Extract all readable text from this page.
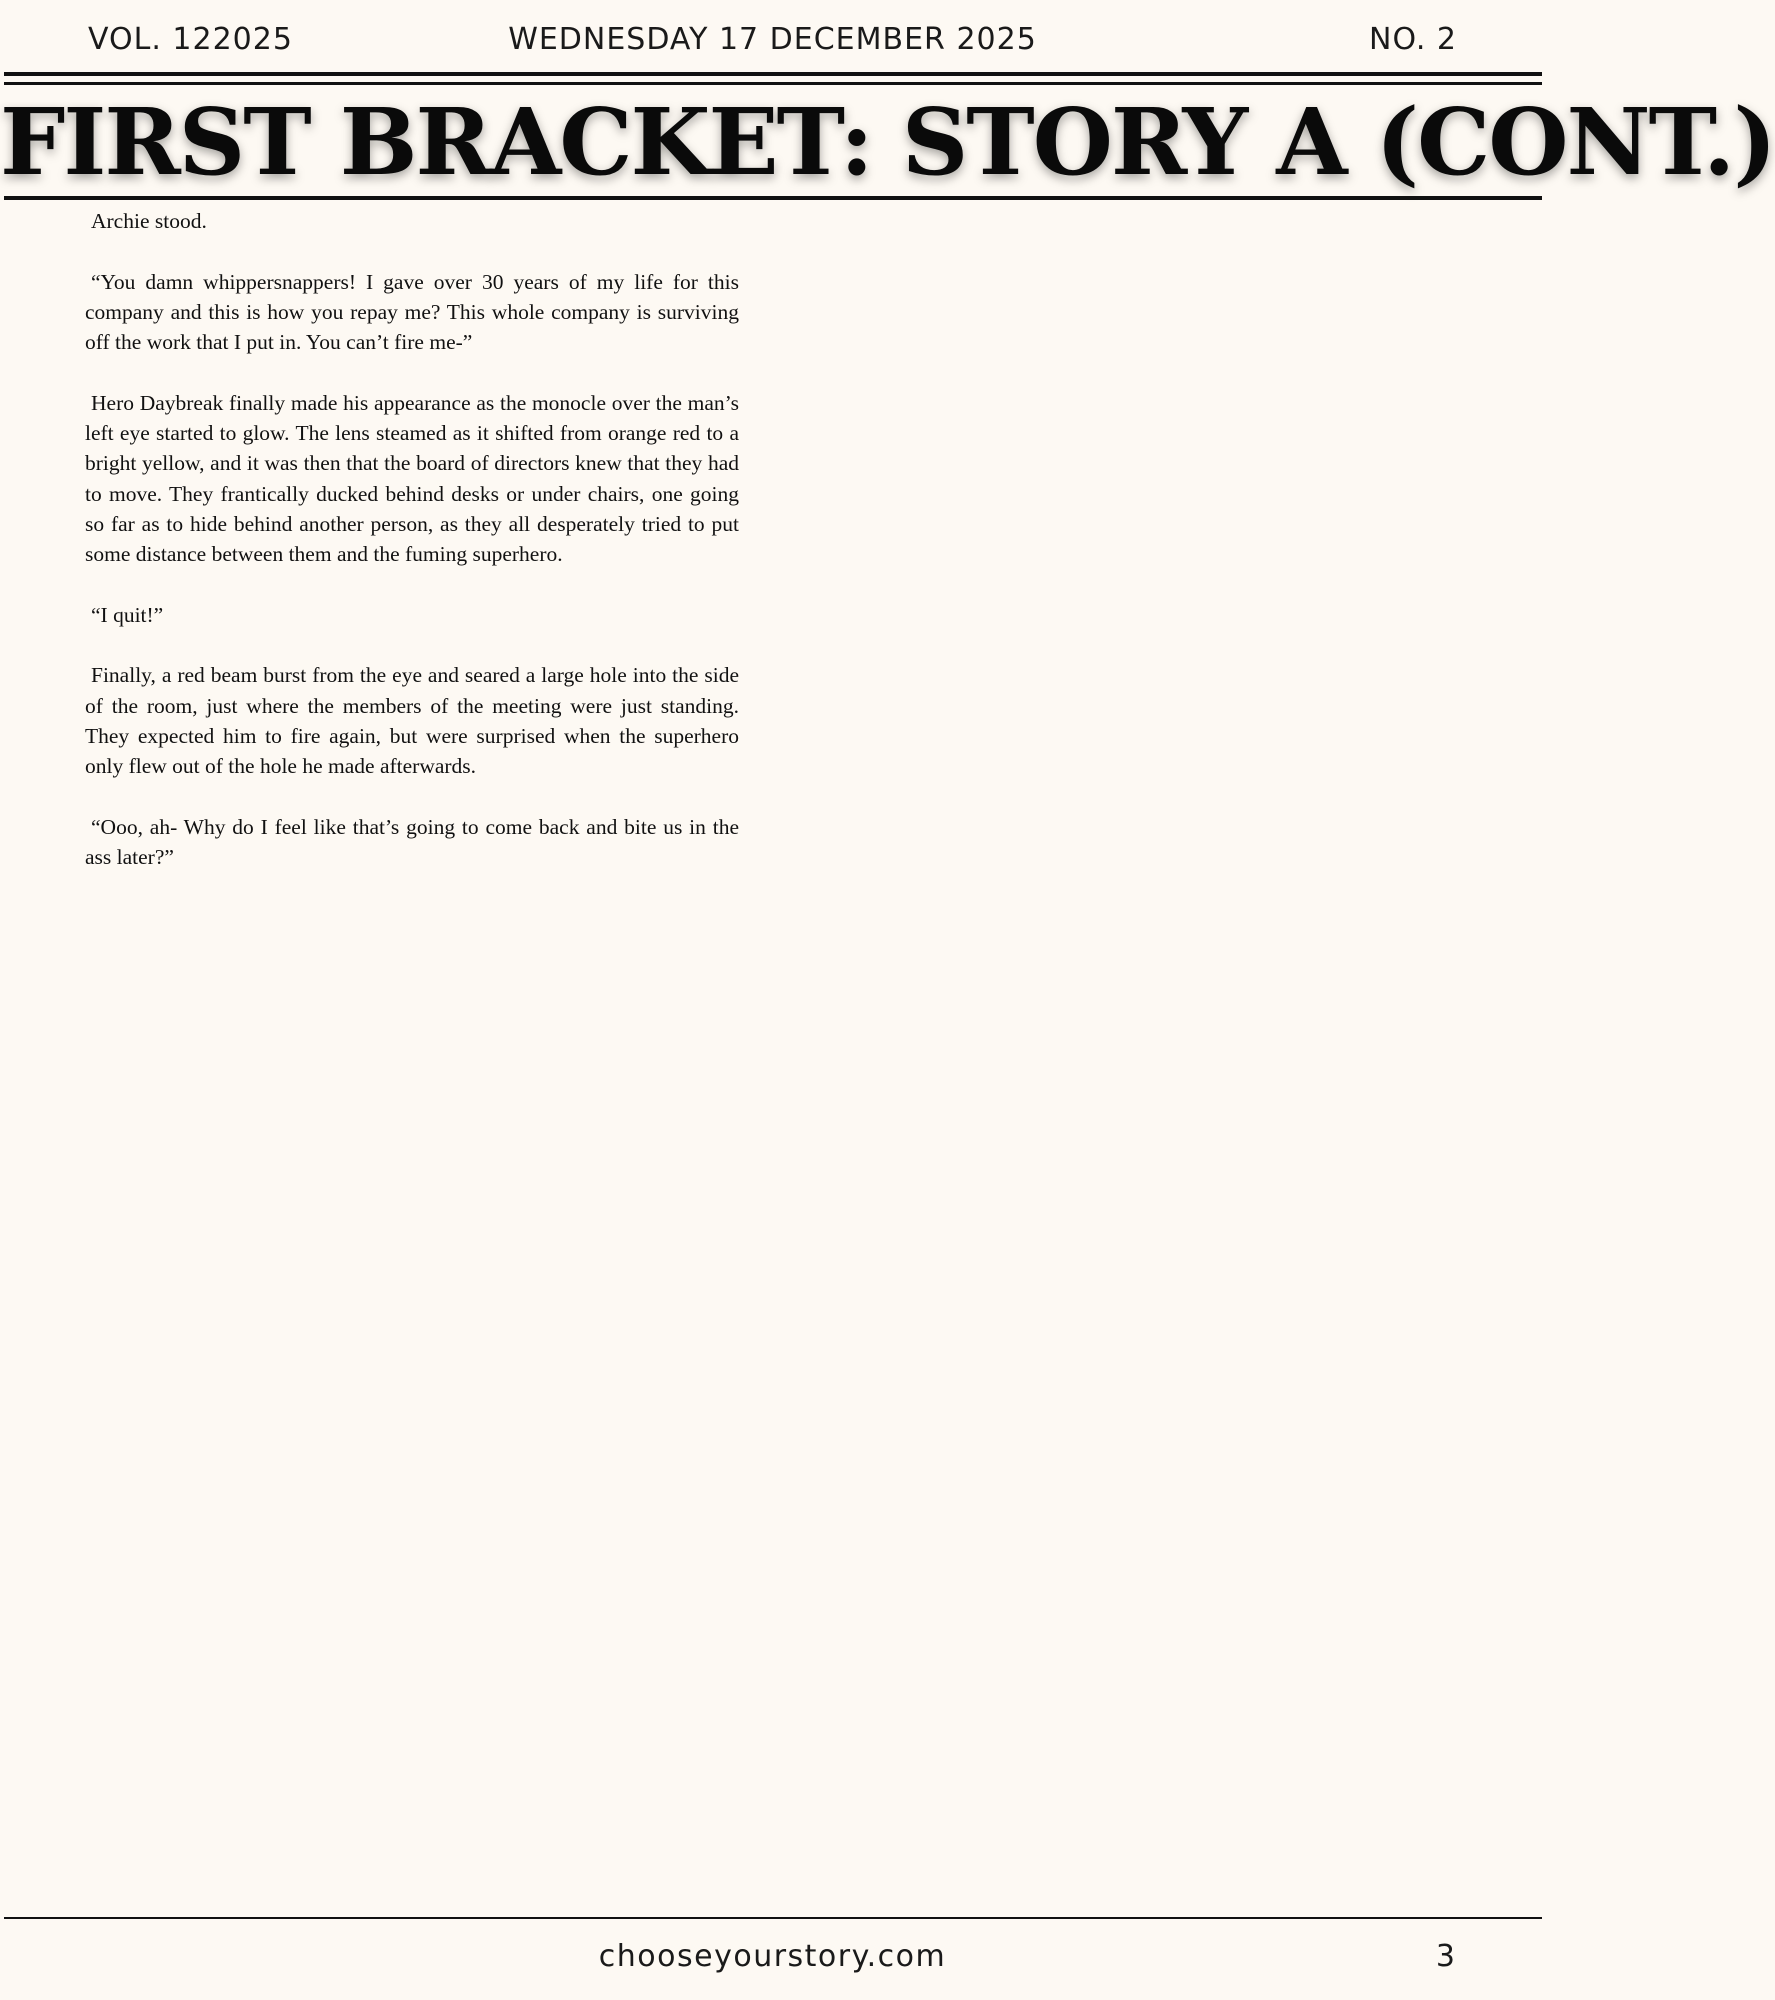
VOL. 122025	WEDNESDAY 17 DECEMBER 2025	NO. 2
FIRST BRACKET: STORY A (CONT.)

Archie stood.

“You damn whippersnappers! I gave over 30 years of my life for this company and this is how you repay me? This whole company is surviving off the work that I put in. You can’t fire me-”

Hero Daybreak finally made his appearance as the monocle over the man’s left eye started to glow. The lens steamed as it shifted from orange red to a bright yellow, and it was then that the board of directors knew that they had to move. They frantically ducked behind desks or under chairs, one going so far as to hide behind another person, as they all desperately tried to put some distance between them and the fuming superhero.

“I quit!”

Finally, a red beam burst from the eye and seared a large hole into the side of the room, just where the members of the meeting were just standing. They expected him to fire again, but were surprised when the superhero only flew out of the hole he made afterwards.

“Ooo, ah- Why do I feel like that’s going to come back and bite us in the ass later?”

chooseyourstory.com	3
